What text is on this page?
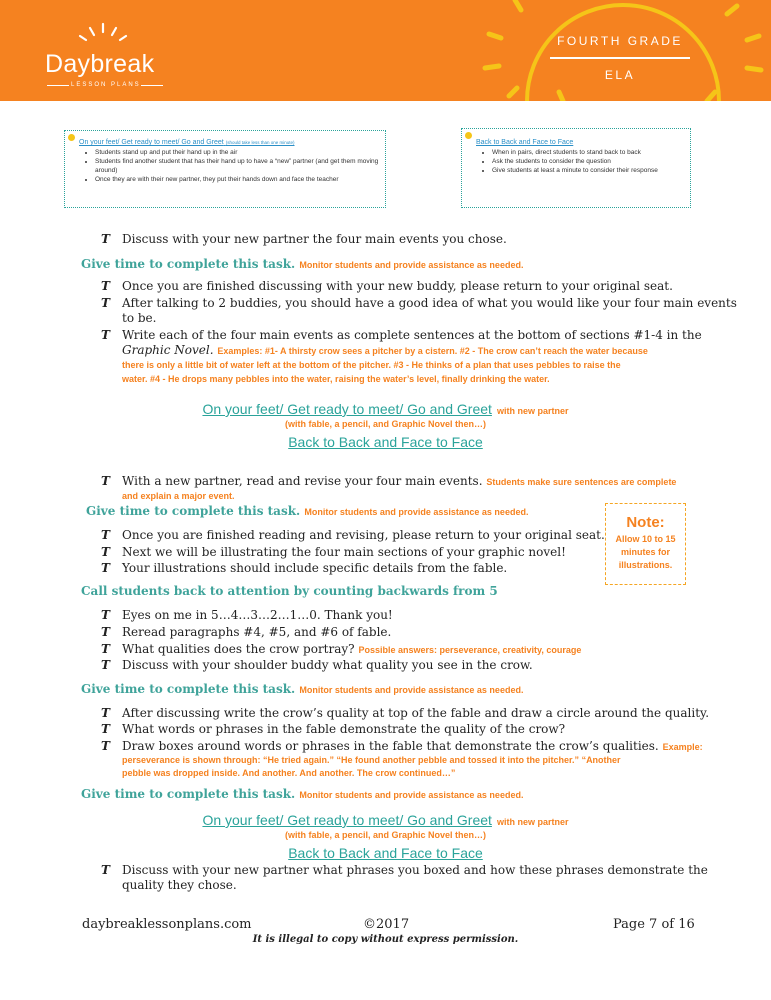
Daybreak
LESSON PLANS
FOURTH GRADE
ELA
On your feet/ Get ready to meet/ Go and Greet (should take less than one minute)
• Students stand up and put their hand up in the air
• Students find another student that has their hand up to have a “new” partner (and get them moving around)
• Once they are with their new partner, they put their hands down and face the teacher
Back to Back and Face to Face
• When in pairs, direct students to stand back to back
• Ask the students to consider the question
• Give students at least a minute to consider their response
T Discuss with your new partner the four main events you chose.
Give time to complete this task. Monitor students and provide assistance as needed.
T Once you are finished discussing with your new buddy, please return to your original seat.
T After talking to 2 buddies, you should have a good idea of what you would like your four main events
to be.
T Write each of the four main events as complete sentences at the bottom of sections #1-4 in the
Graphic Novel. Examples: #1- A thirsty crow sees a pitcher by a cistern. #2 - The crow can’t reach the water because
there is only a little bit of water left at the bottom of the pitcher. #3 - He thinks of a plan that uses pebbles to raise the
water. #4 - He drops many pebbles into the water, raising the water’s level, finally drinking the water.
On your feet/ Get ready to meet/ Go and Greet with new partner
(with fable, a pencil, and Graphic Novel then…)
Back to Back and Face to Face
T With a new partner, read and revise your four main events. Students make sure sentences are complete
and explain a major event.
Give time to complete this task. Monitor students and provide assistance as needed.
T Once you are finished reading and revising, please return to your original seat.
T Next we will be illustrating the four main sections of your graphic novel!
T Your illustrations should include specific details from the fable.
Note:
Allow 10 to 15
minutes for
illustrations.
Call students back to attention by counting backwards from 5
T Eyes on me in 5…4…3…2…1…0. Thank you!
T Reread paragraphs #4, #5, and #6 of fable.
T What qualities does the crow portray? Possible answers: perseverance, creativity, courage
T Discuss with your shoulder buddy what quality you see in the crow.
Give time to complete this task. Monitor students and provide assistance as needed.
T After discussing write the crow’s quality at top of the fable and draw a circle around the quality.
T What words or phrases in the fable demonstrate the quality of the crow?
T Draw boxes around words or phrases in the fable that demonstrate the crow’s qualities. Example:
perseverance is shown through: “He tried again.” “He found another pebble and tossed it into the pitcher.” “Another
pebble was dropped inside. And another. And another. The crow continued…”
Give time to complete this task. Monitor students and provide assistance as needed.
On your feet/ Get ready to meet/ Go and Greet with new partner
(with fable, a pencil, and Graphic Novel then…)
Back to Back and Face to Face
T Discuss with your new partner what phrases you boxed and how these phrases demonstrate the
quality they chose.
daybreaklessonplans.com	©2017	Page 7 of 16
It is illegal to copy without express permission.
